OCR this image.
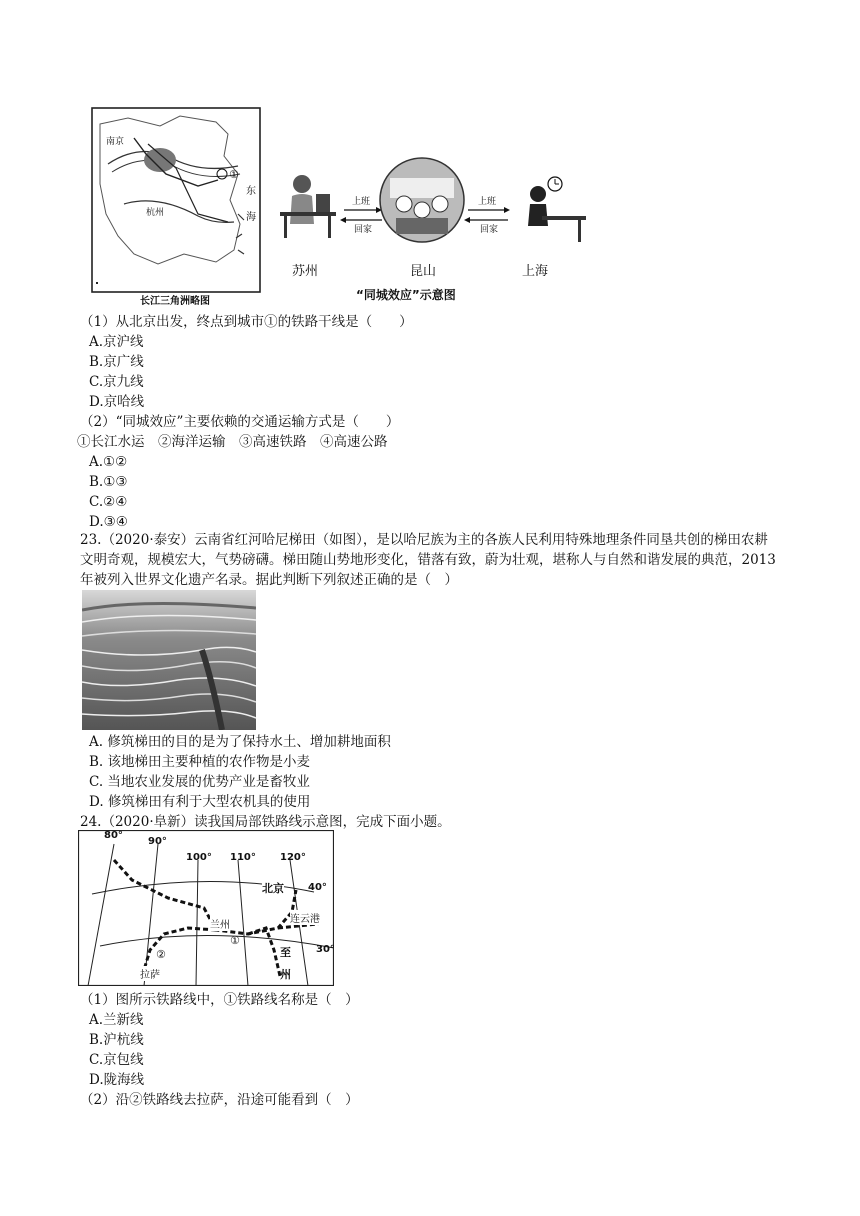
南京
杭州
东
海
①
长江三角洲略图
上班
回家
上班
回家
苏州	昆山	上海
“同城效应”示意图
（1）从北京出发，终点到城市①的铁路干线是（　　）
A.京沪线
B.京广线
C.京九线
D.京哈线
（2）“同城效应”主要依赖的交通运输方式是（　　）
①长江水运　②海洋运输　③高速铁路　④高速公路
A.①②
B.①③
C.②④
D.③④
23.（2020·泰安）云南省红河哈尼梯田（如图），是以哈尼族为主的各族人民利用特殊地理条件同垦共创的梯田农耕文明奇观，规模宏大，气势磅礴。梯田随山势地形变化，错落有致，蔚为壮观，堪称人与自然和谐发展的典范，2013 年被列入世界文化遗产名录。据此判断下列叙述正确的是（　）
A. 修筑梯田的目的是为了保持水土、增加耕地面积
B. 该地梯田主要种植的农作物是小麦
C. 当地农业发展的优势产业是畜牧业
D. 修筑梯田有利于大型农机具的使用
24.（2020·阜新）读我国局部铁路线示意图，完成下面小题。
80°
90°
100° 110° 120°
40°
30°
北京
兰州
连云港
拉萨
至
州
①
②
（1）图所示铁路线中，①铁路线名称是（　）
A.兰新线
B.沪杭线
C.京包线
D.陇海线
（2）沿②铁路线去拉萨，沿途可能看到（　）
